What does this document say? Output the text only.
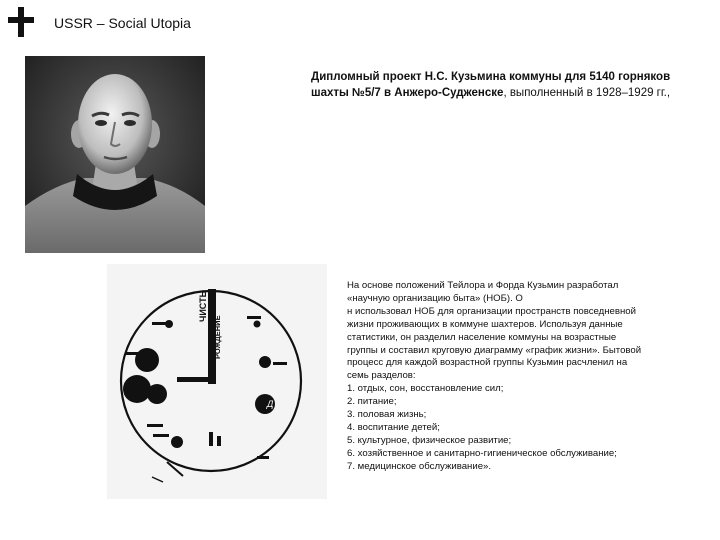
USSR – Social Utopia
Дипломный проект Н.С. Кузьмина коммуны для 5140 горняков шахты №5/7 в Анжеро-Судженске, выполненный в 1928–1929 гг.,
ЧИСТЬ
РОЖДЕНИЕ
Д

На основе положений Тейлора и Форда Кузьмин разработал

«научную организацию быта» (НОБ). О

н использовал НОБ для организации пространств повседневной

жизни проживающих в коммуне шахтеров. Используя данные

статистики, он разделил население коммуны на возрастные

группы и составил круговую диаграмму «график жизни». Бытовой

процесс для каждой возрастной группы Кузьмин расчленил на

семь разделов:

1. отдых, сон, восстановление сил;

2. питание;

3. половая жизнь;

4. воспитание детей;

5. культурное, физическое развитие;

6. хозяйственное и санитарно-гигиеническое обслуживание;

7. медицинское обслуживание».
